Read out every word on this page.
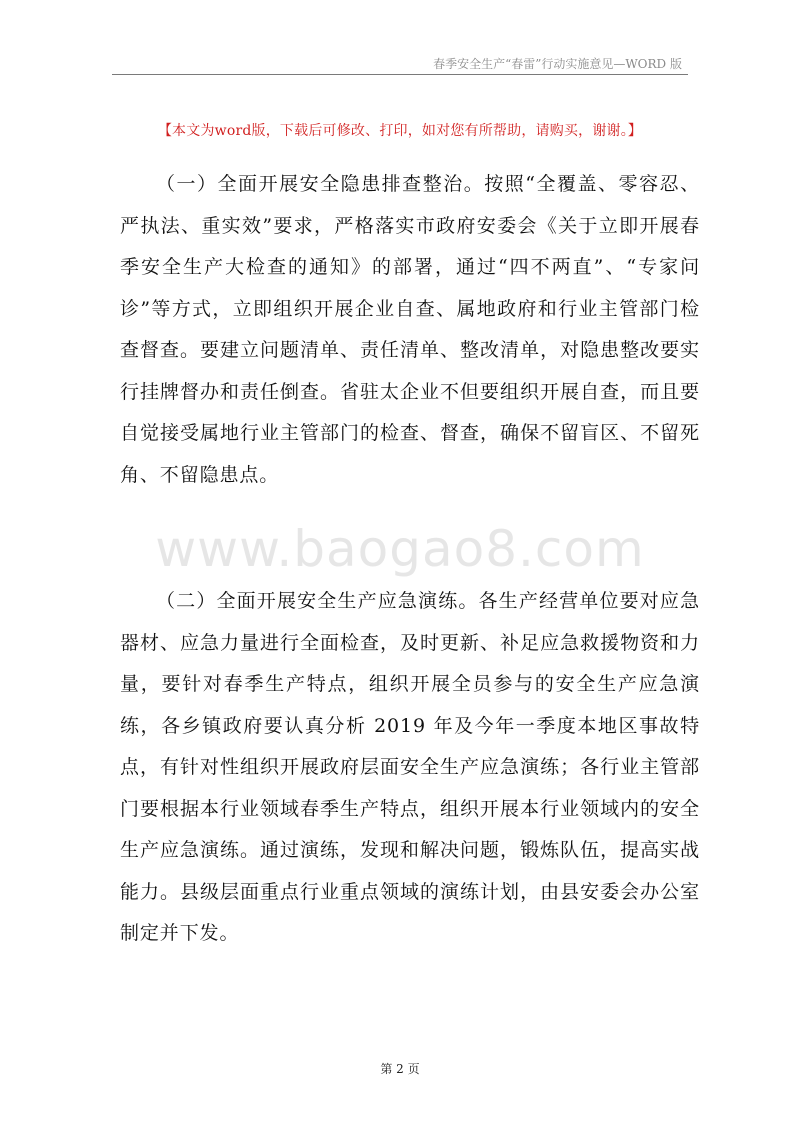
春季安全生产“春雷”行动实施意见—WORD 版
【本文为word版，下载后可修改、打印，如对您有所帮助，请购买，谢谢。】

（一）全面开展安全隐患排查整治。按照“全覆盖、零容忍、严执法、重实效”要求，严格落实市政府安委会《关于立即开展春季安全生产大检查的通知》的部署，通过“四不两直”、“专家问诊”等方式，立即组织开展企业自查、属地政府和行业主管部门检查督查。要建立问题清单、责任清单、整改清单，对隐患整改要实行挂牌督办和责任倒查。省驻太企业不但要组织开展自查，而且要自觉接受属地行业主管部门的检查、督查，确保不留盲区、不留死角、不留隐患点。

www.baogao8.com

（二）全面开展安全生产应急演练。各生产经营单位要对应急器材、应急力量进行全面检查，及时更新、补足应急救援物资和力量，要针对春季生产特点，组织开展全员参与的安全生产应急演练，各乡镇政府要认真分析 2019 年及今年一季度本地区事故特点，有针对性组织开展政府层面安全生产应急演练；各行业主管部门要根据本行业领域春季生产特点，组织开展本行业领域内的安全生产应急演练。通过演练，发现和解决问题，锻炼队伍，提高实战能力。县级层面重点行业重点领域的演练计划，由县安委会办公室制定并下发。

第 2 页
